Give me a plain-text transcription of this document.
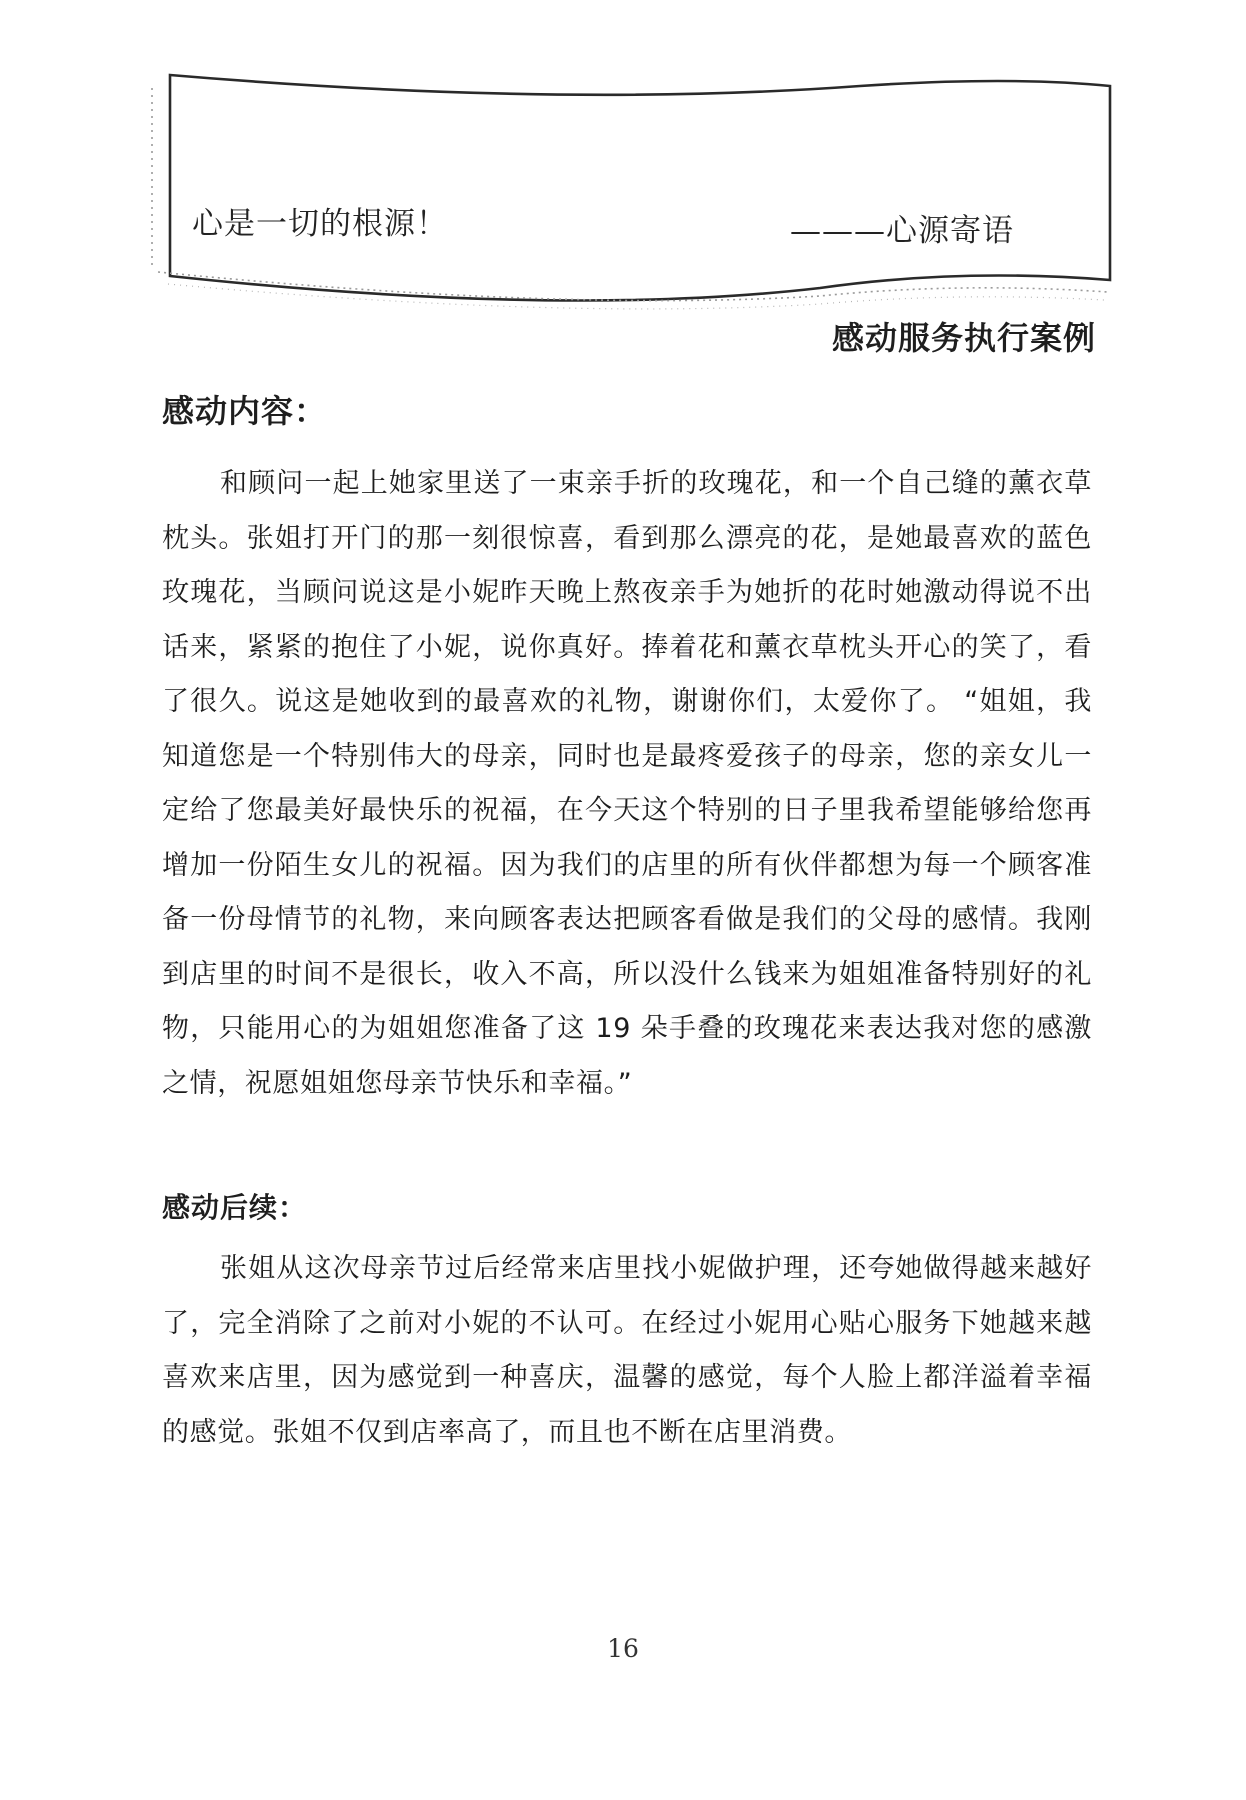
心是一切的根源！	———心源寄语
感动服务执行案例
感动内容：

和顾问一起上她家里送了一束亲手折的玫瑰花，和一个自己缝的薰衣草枕头。张姐打开门的那一刻很惊喜，看到那么漂亮的花，是她最喜欢的蓝色玫瑰花，当顾问说这是小妮昨天晚上熬夜亲手为她折的花时她激动得说不出话来，紧紧的抱住了小妮，说你真好。捧着花和薰衣草枕头开心的笑了，看了很久。说这是她收到的最喜欢的礼物，谢谢你们，太爱你了。 “姐姐，我知道您是一个特别伟大的母亲，同时也是最疼爱孩子的母亲，您的亲女儿一定给了您最美好最快乐的祝福，在今天这个特别的日子里我希望能够给您再增加一份陌生女儿的祝福。因为我们的店里的所有伙伴都想为每一个顾客准备一份母情节的礼物，来向顾客表达把顾客看做是我们的父母的感情。我刚到店里的时间不是很长，收入不高，所以没什么钱来为姐姐准备特别好的礼物，只能用心的为姐姐您准备了这 19 朵手叠的玫瑰花来表达我对您的感激之情，祝愿姐姐您母亲节快乐和幸福。”

感动后续：

张姐从这次母亲节过后经常来店里找小妮做护理，还夸她做得越来越好了，完全消除了之前对小妮的不认可。在经过小妮用心贴心服务下她越来越喜欢来店里，因为感觉到一种喜庆，温馨的感觉，每个人脸上都洋溢着幸福的感觉。张姐不仅到店率高了，而且也不断在店里消费。

16
